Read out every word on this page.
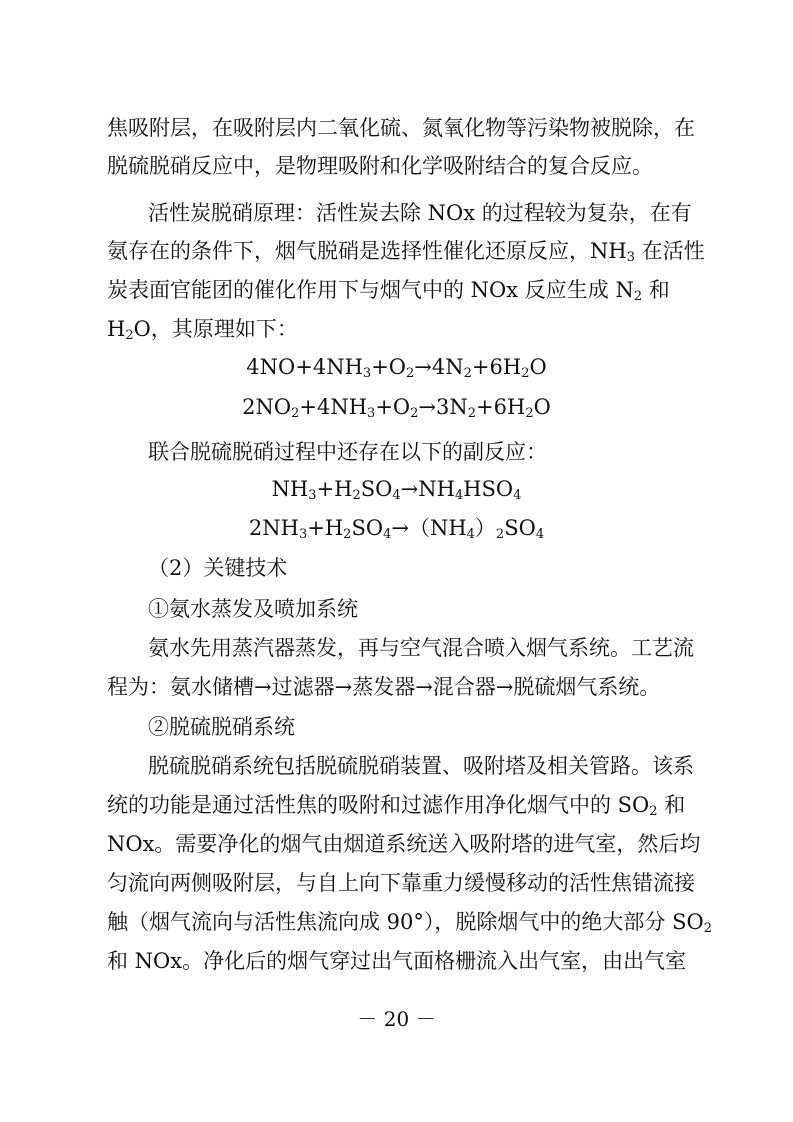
焦吸附层，在吸附层内二氧化硫、氮氧化物等污染物被脱除，在
脱硫脱硝反应中，是物理吸附和化学吸附结合的复合反应。
活性炭脱硝原理：活性炭去除 NOx 的过程较为复杂，在有
氨存在的条件下，烟气脱硝是选择性催化还原反应，$NH_3$ 在活性
炭表面官能团的催化作用下与烟气中的 NOx 反应生成 $N_2$ 和
$H_2O$，其原理如下：
$4NO+4NH_3+O_2\to 4N_2+6H_2O$
$2NO_2+4NH_3+O_2\to 3N_2+6H_2O$
联合脱硫脱硝过程中还存在以下的副反应：
$NH_3+H_2SO_4\to NH_4HSO_4$
$2NH_3+H_2SO_4\to(NH_4)_2SO_4$
（2）关键技术
①氨水蒸发及喷加系统
氨水先用蒸汽器蒸发，再与空气混合喷入烟气系统。工艺流
程为：氨水储槽→过滤器→蒸发器→混合器→脱硫烟气系统。
②脱硫脱硝系统
脱硫脱硝系统包括脱硫脱硝装置、吸附塔及相关管路。该系
统的功能是通过活性焦的吸附和过滤作用净化烟气中的 $SO_2$ 和
NOx。需要净化的烟气由烟道系统送入吸附塔的进气室，然后均
匀流向两侧吸附层，与自上向下靠重力缓慢移动的活性焦错流接
触（烟气流向与活性焦流向成 90°），脱除烟气中的绝大部分 $SO_2$
和 NOx。净化后的烟气穿过出气面格栅流入出气室，由出气室
－ 20 －
